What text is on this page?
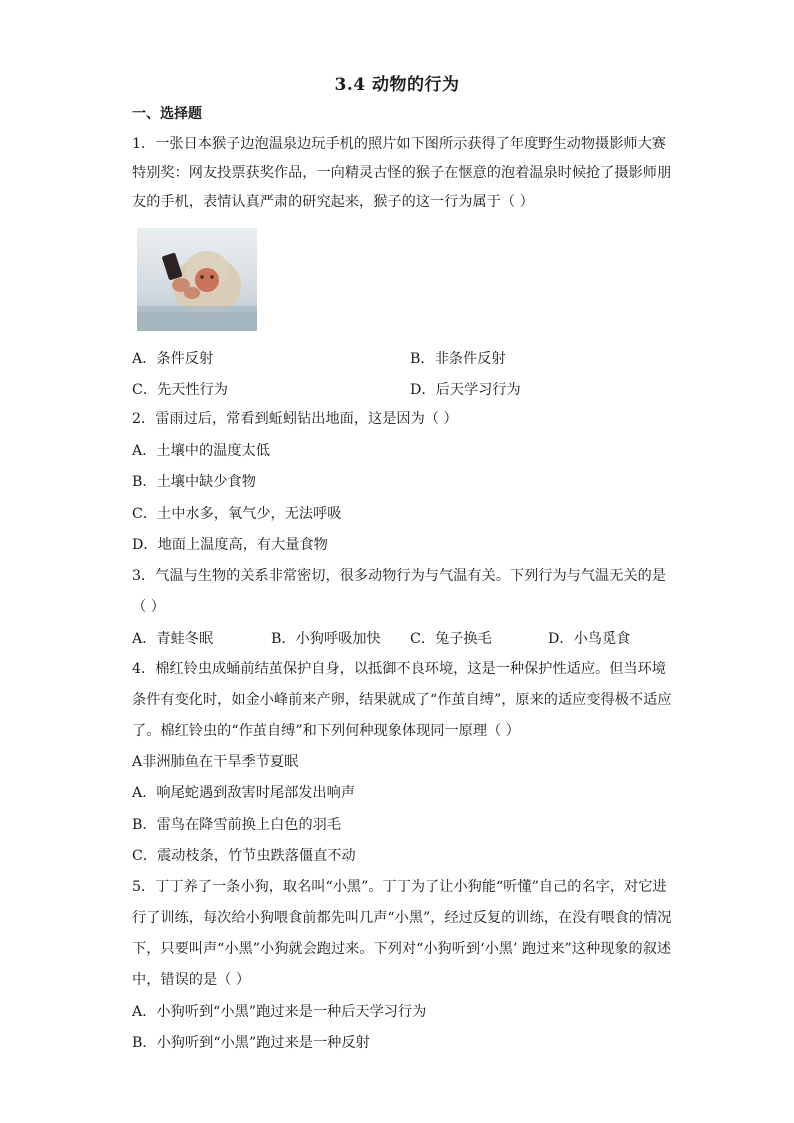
3.4 动物的行为
一、选择题
1．一张日本猴子边泡温泉边玩手机的照片如下图所示获得了年度野生动物摄影师大赛
特别奖：网友投票获奖作品，一向精灵古怪的猴子在惬意的泡着温泉时候抢了摄影师朋
友的手机，表情认真严肃的研究起来，猴子的这一行为属于（ ）
A．条件反射	B．非条件反射
C．先天性行为	D．后天学习行为
2．雷雨过后，常看到蚯蚓钻出地面，这是因为（ ）
A．土壤中的温度太低
B．土壤中缺少食物
C．土中水多，氧气少，无法呼吸
D．地面上温度高，有大量食物
3．气温与生物的关系非常密切，很多动物行为与气温有关。下列行为与气温无关的是
（ ）
A．青蛙冬眠	B．小狗呼吸加快 C．兔子换毛	D．小鸟觅食
4．棉红铃虫成蛹前结茧保护自身，以抵御不良环境，这是一种保护性适应。但当环境
条件有变化时，如金小峰前来产卵，结果就成了“作茧自缚”，原来的适应变得极不适应
了。棉红铃虫的“作茧自缚”和下列何种现象体现同一原理（ ）
A非洲肺鱼在干旱季节夏眠
A．响尾蛇遇到敌害时尾部发出响声
B．雷鸟在降雪前换上白色的羽毛
C．震动枝条，竹节虫跌落僵直不动
5．丁丁养了一条小狗，取名叫“小黑”。丁丁为了让小狗能“听懂”自己的名字，对它进
行了训练，每次给小狗喂食前都先叫几声“小黑”，经过反复的训练，在没有喂食的情况
下，只要叫声“小黑”小狗就会跑过来。下列对“小狗听到‘小黑’ 跑过来”这种现象的叙述
中，错误的是（ ）
A．小狗听到“小黑”跑过来是一种后天学习行为
B．小狗听到“小黑”跑过来是一种反射
